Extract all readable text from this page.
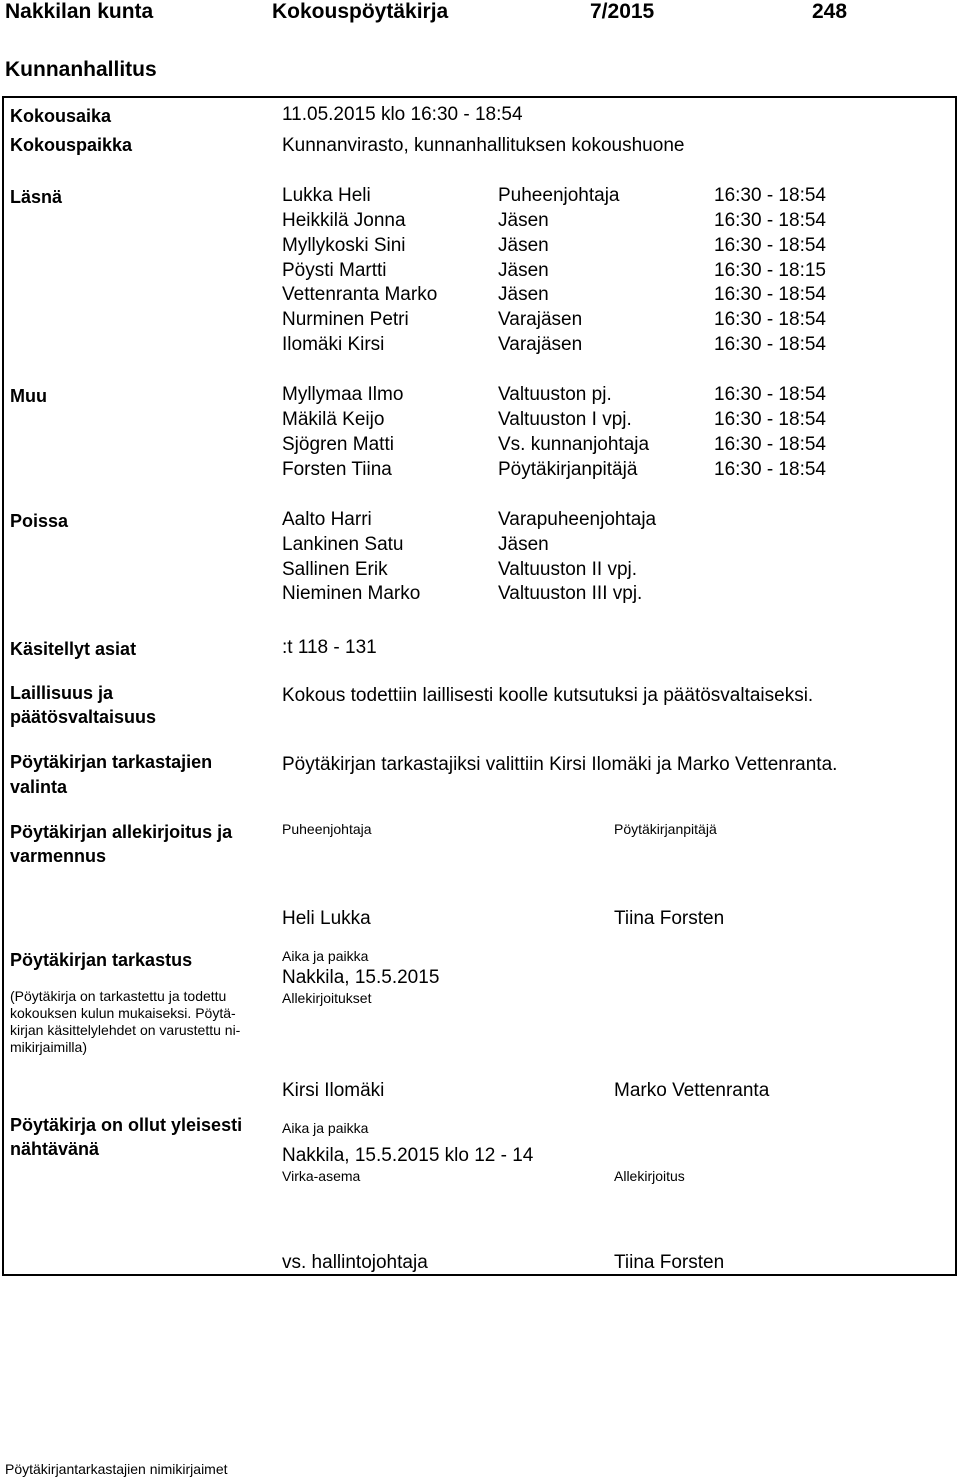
Nakkilan kunta	Kokouspöytäkirja	7/2015	248
Kunnanhallitus
Kokousaika	11.05.2015 klo 16:30 - 18:54
Kokouspaikka	Kunnanvirasto, kunnanhallituksen kokoushuone
Läsnä	Lukka Heli	Puheenjohtaja	16:30 - 18:54
Heikkilä Jonna	Jäsen	16:30 - 18:54
Myllykoski Sini	Jäsen	16:30 - 18:54
Pöysti Martti	Jäsen	16:30 - 18:15
Vettenranta Marko	Jäsen	16:30 - 18:54
Nurminen Petri	Varajäsen	16:30 - 18:54
Ilomäki Kirsi	Varajäsen	16:30 - 18:54
Muu	Myllymaa Ilmo	Valtuuston pj.	16:30 - 18:54
Mäkilä Keijo	Valtuuston I vpj.	16:30 - 18:54
Sjögren Matti	Vs. kunnanjohtaja	16:30 - 18:54
Forsten Tiina	Pöytäkirjanpitäjä	16:30 - 18:54
Poissa	Aalto Harri	Varapuheenjohtaja
Lankinen Satu	Jäsen
Sallinen Erik	Valtuuston II vpj.
Nieminen Marko	Valtuuston III vpj.
Käsitellyt asiat	:t 118 - 131
Laillisuus ja
päätösvaltaisuus
Kokous todettiin laillisesti koolle kutsutuksi ja päätösvaltaiseksi.
Pöytäkirjan tarkastajien
valinta
Pöytäkirjan tarkastajiksi valittiin Kirsi Ilomäki ja Marko Vettenranta.
Pöytäkirjan allekirjoitus ja
varmennus
Puheenjohtaja	Pöytäkirjanpitäjä
Heli Lukka	Tiina Forsten
Pöytäkirjan tarkastus
(Pöytäkirja on tarkastettu ja todettu kokouksen kulun mukaiseksi. Pöytä-kirjan käsittelylehdet on varustettu ni-mikirjaimilla)
Aika ja paikka
Nakkila, 15.5.2015
Allekirjoitukset
Kirsi Ilomäki	Marko Vettenranta
Pöytäkirja on ollut yleisesti
nähtävänä
Aika ja paikka
Nakkila, 15.5.2015 klo 12 - 14
Virka-asema	Allekirjoitus
vs. hallintojohtaja	Tiina Forsten
Pöytäkirjantarkastajien nimikirjaimet
